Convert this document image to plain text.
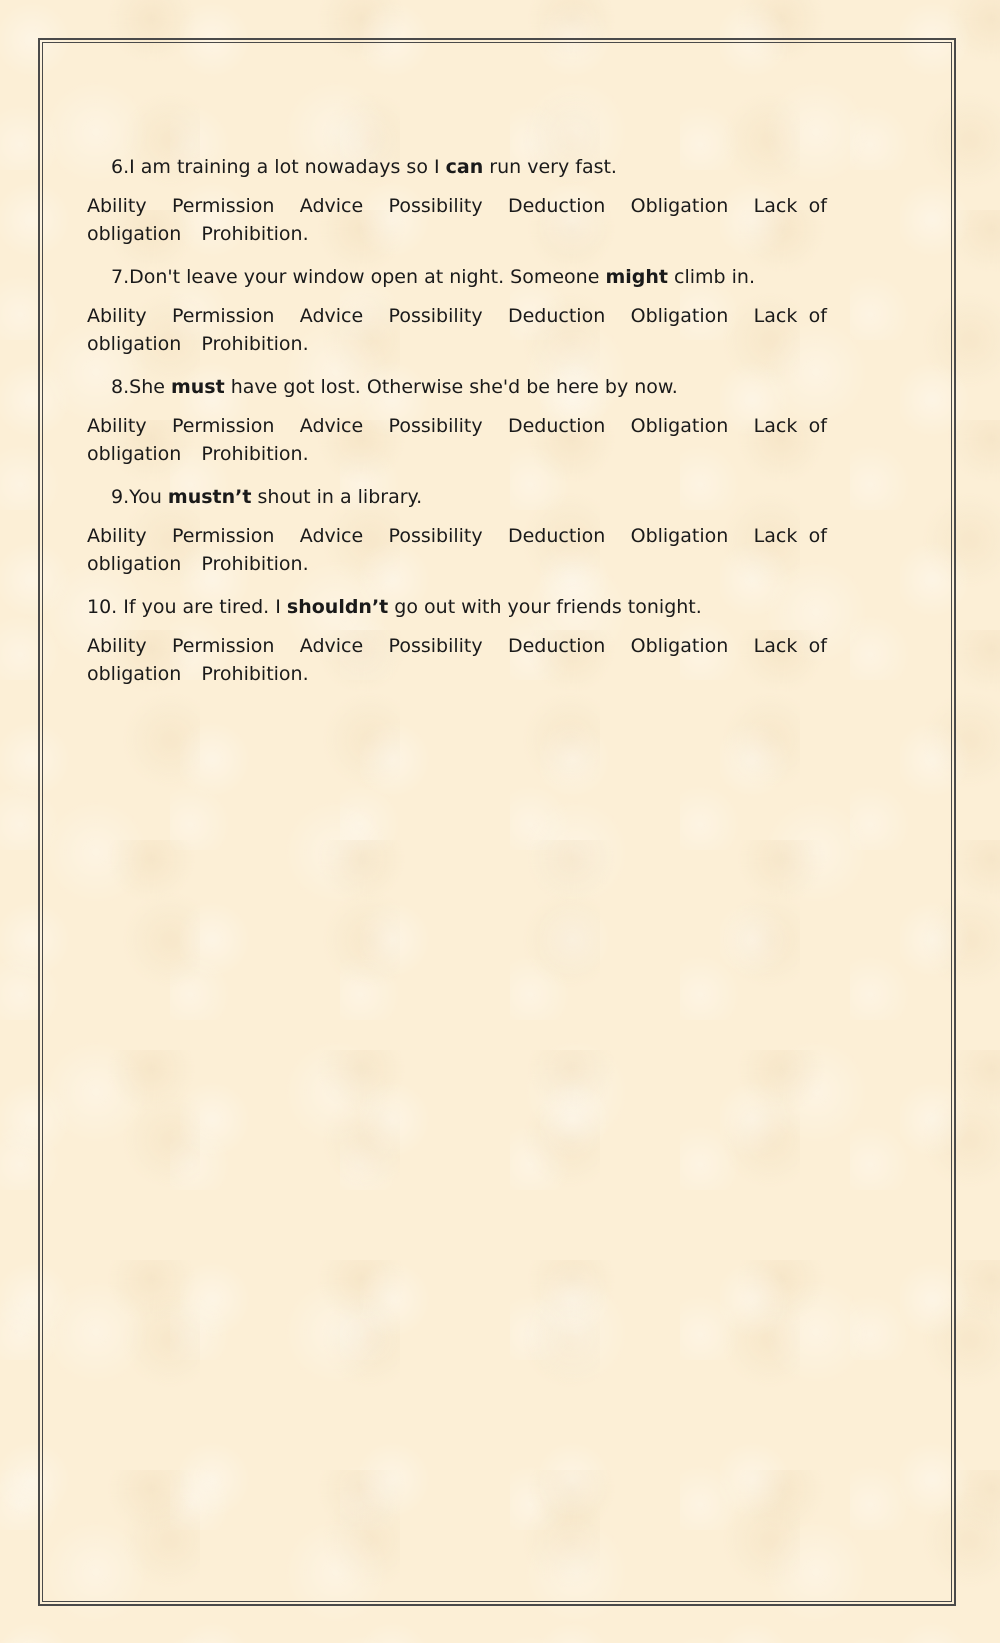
6.I am training a lot nowadays so I can run very fast.

Ability Permission Advice Possibility Deduction Obligation Lack of obligation Prohibition.

7.Don't leave your window open at night. Someone might climb in.

Ability Permission Advice Possibility Deduction Obligation Lack of obligation Prohibition.

8.She must have got lost. Otherwise she'd be here by now.

Ability Permission Advice Possibility Deduction Obligation Lack of obligation Prohibition.

9.You mustn’t shout in a library.

Ability Permission Advice Possibility Deduction Obligation Lack of obligation Prohibition.

10. If you are tired. I shouldn’t go out with your friends tonight.

Ability Permission Advice Possibility Deduction Obligation Lack of obligation Prohibition.
